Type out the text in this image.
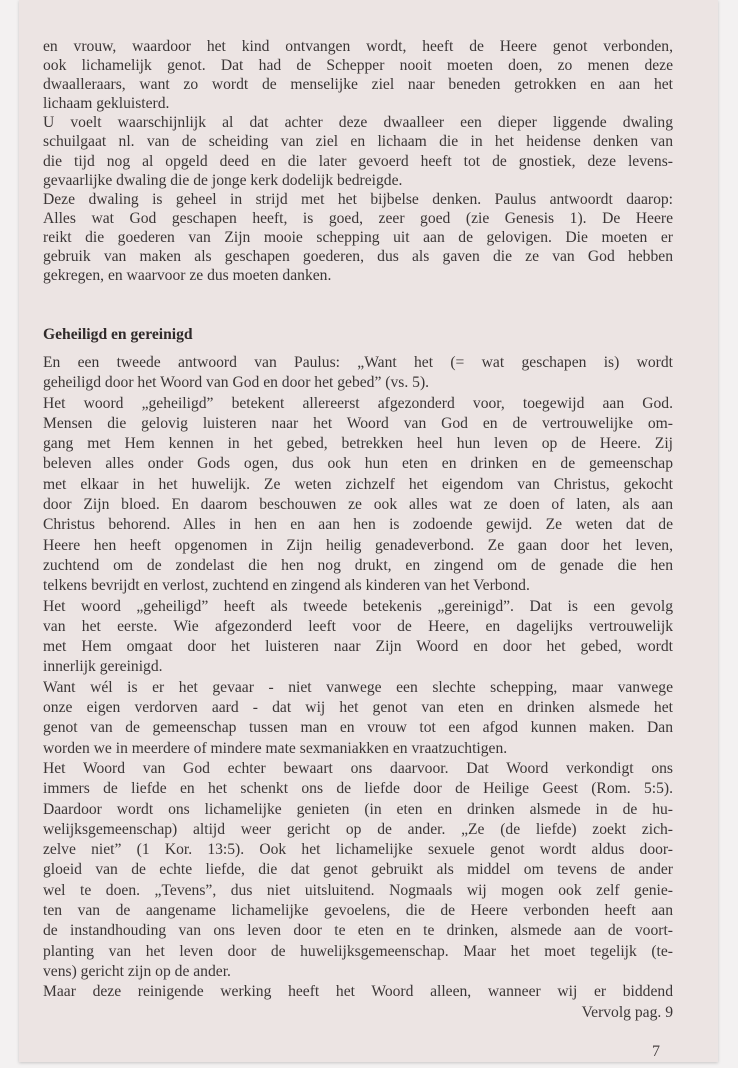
en vrouw, waardoor het kind ontvangen wordt, heeft de Heere genot verbonden,
ook lichamelijk genot. Dat had de Schepper nooit moeten doen, zo menen deze
dwaalleraars, want zo wordt de menselijke ziel naar beneden getrokken en aan het
lichaam gekluisterd.
U voelt waarschijnlijk al dat achter deze dwaalleer een dieper liggende dwaling
schuilgaat nl. van de scheiding van ziel en lichaam die in het heidense denken van
die tijd nog al opgeld deed en die later gevoerd heeft tot de gnostiek, deze levens-
gevaarlijke dwaling die de jonge kerk dodelijk bedreigde.
Deze dwaling is geheel in strijd met het bijbelse denken. Paulus antwoordt daarop:
Alles wat God geschapen heeft, is goed, zeer goed (zie Genesis 1). De Heere
reikt die goederen van Zijn mooie schepping uit aan de gelovigen. Die moeten er
gebruik van maken als geschapen goederen, dus als gaven die ze van God hebben
gekregen, en waarvoor ze dus moeten danken.
Geheiligd en gereinigd
En een tweede antwoord van Paulus: „Want het (= wat geschapen is) wordt
geheiligd door het Woord van God en door het gebed” (vs. 5).
Het woord „geheiligd” betekent allereerst afgezonderd voor, toegewijd aan God.
Mensen die gelovig luisteren naar het Woord van God en de vertrouwelijke om-
gang met Hem kennen in het gebed, betrekken heel hun leven op de Heere. Zij
beleven alles onder Gods ogen, dus ook hun eten en drinken en de gemeenschap
met elkaar in het huwelijk. Ze weten zichzelf het eigendom van Christus, gekocht
door Zijn bloed. En daarom beschouwen ze ook alles wat ze doen of laten, als aan
Christus behorend. Alles in hen en aan hen is zodoende gewijd. Ze weten dat de
Heere hen heeft opgenomen in Zijn heilig genadeverbond. Ze gaan door het leven,
zuchtend om de zondelast die hen nog drukt, en zingend om de genade die hen
telkens bevrijdt en verlost, zuchtend en zingend als kinderen van het Verbond.
Het woord „geheiligd” heeft als tweede betekenis „gereinigd”. Dat is een gevolg
van het eerste. Wie afgezonderd leeft voor de Heere, en dagelijks vertrouwelijk
met Hem omgaat door het luisteren naar Zijn Woord en door het gebed, wordt
innerlijk gereinigd.
Want wél is er het gevaar - niet vanwege een slechte schepping, maar vanwege
onze eigen verdorven aard - dat wij het genot van eten en drinken alsmede het
genot van de gemeenschap tussen man en vrouw tot een afgod kunnen maken. Dan
worden we in meerdere of mindere mate sexmaniakken en vraatzuchtigen.
Het Woord van God echter bewaart ons daarvoor. Dat Woord verkondigt ons
immers de liefde en het schenkt ons de liefde door de Heilige Geest (Rom. 5:5).
Daardoor wordt ons lichamelijke genieten (in eten en drinken alsmede in de hu-
welijksgemeenschap) altijd weer gericht op de ander. „Ze (de liefde) zoekt zich-
zelve niet” (1 Kor. 13:5). Ook het lichamelijke sexuele genot wordt aldus door-
gloeid van de echte liefde, die dat genot gebruikt als middel om tevens de ander
wel te doen. „Tevens”, dus niet uitsluitend. Nogmaals wij mogen ook zelf genie-
ten van de aangename lichamelijke gevoelens, die de Heere verbonden heeft aan
de instandhouding van ons leven door te eten en te drinken, alsmede aan de voort-
planting van het leven door de huwelijksgemeenschap. Maar het moet tegelijk (te-
vens) gericht zijn op de ander.
Maar deze reinigende werking heeft het Woord alleen, wanneer wij er biddend
Vervolg pag. 9
7
